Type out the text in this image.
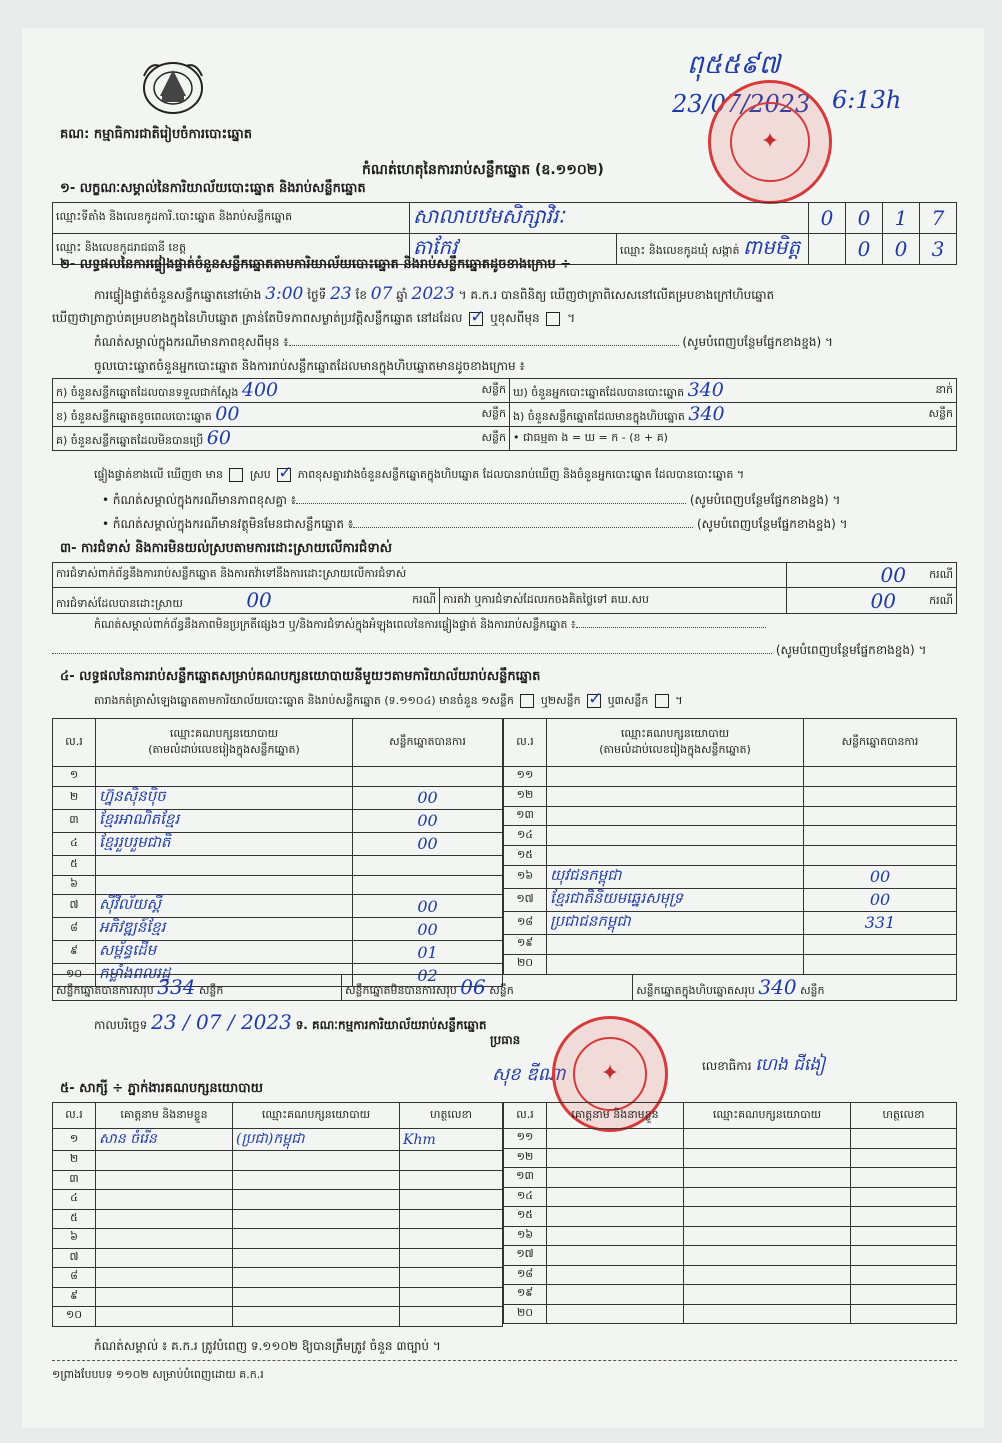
គណ: កម្មាធិការជាតិរៀបចំការបោះឆ្នោត
ពុ៥៥៩៧
23/07/2023 6:13h
✦
កំណត់ហេតុនៃការរាប់សន្លឹកឆ្នោត (ឧ.១១០២)
១- លក្ខណៈសម្គាល់នៃការិយាល័យបោះឆ្នោត និងរាប់សន្លឹកឆ្នោត
ឈ្មោះទីតាំង និងលេខកូដការិ.បោះឆ្នោត និងរាប់សន្លឹកឆ្នោត	សាលាបឋមសិក្សាវិរៈ		0	0	1	7
ឈ្មោះ និងលេខកូដរាជធានី ខេត្ត	តាកែវ	ឈ្មោះ និងលេខកូដឃុំ សង្កាត់ ពាមមិត្ត		0	0	3
២- លទ្ធផលនៃការផ្ទៀងផ្ទាត់ចំនួនសន្លឹកឆ្នោតតាមការិយាល័យបោះឆ្នោត និងរាប់សន្លឹកឆ្នោតដូចខាងក្រោម ÷
ការផ្ទៀងផ្ទាត់ចំនួនសន្លឹកឆ្នោតនៅម៉ោង 3:00 ថ្ងៃទី 23 ខែ 07 ឆ្នាំ 2023 ។ គ.ក.រ បានពិនិត្យ ឃើញថាត្រាពិសេសនៅលើគម្របខាងក្រៅហិបឆ្នោត
ឃើញថាត្រាភ្ជាប់គម្របខាងក្នុងនៃហិបឆ្នោត គ្រាន់តែបិទភាពសម្ងាត់ប្រវត្តិសន្លឹកឆ្នោត នៅដដែល ✓ ឬខុសពីមុន  ។
កំណត់សម្គាល់ក្នុងករណីមានភាពខុសពីមុន ៖	(សូមបំពេញបន្ថែមផ្នែកខាងខ្នង) ។
ចូលបោះឆ្នោតចំនួនអ្នកបោះឆ្នោត និងការរាប់សន្លឹកឆ្នោតដែលមានក្នុងហិបឆ្នោតមានដូចខាងក្រោម ៖
ក) ចំនួនសន្លឹកឆ្នោតដែលបានទទួលជាក់ស្តែង 400 សន្លឹក	ឃ) ចំនួនអ្នកបោះឆ្នោតដែលបានបោះឆ្នោត 340 នាក់

ខ) ចំនួនសន្លឹកឆ្នោតខូចពេលបោះឆ្នោត 00 សន្លឹក	ង) ចំនួនសន្លឹកឆ្នោតដែលមានក្នុងហិបឆ្នោត 340 សន្លឹក

គ) ចំនួនសន្លឹកឆ្នោតដែលមិនបានប្រើ 60 សន្លឹក	• ជាធម្មតា ង = ឃ = ក - (ខ + គ)
ផ្ទៀងផ្ទាត់ខាងលើ ឃើញថា មាន ស្រប ✓ ភាពខុសគ្នារវាងចំនួនសន្លឹកឆ្នោតក្នុងហិបឆ្នោត ដែលបានរាប់ឃើញ និងចំនួនអ្នកបោះឆ្នោត ដែលបានបោះឆ្នោត ។
• កំណត់សម្គាល់ក្នុងករណីមានភាពខុសគ្នា ៖	(សូមបំពេញបន្ថែមផ្នែកខាងខ្នង) ។
• កំណត់សម្គាល់ក្នុងករណីមានវត្ថុមិនមែនជាសន្លឹកឆ្នោត ៖	(សូមបំពេញបន្ថែមផ្នែកខាងខ្នង) ។
៣- ការជំទាស់ និងការមិនយល់ស្របតាមការដោះស្រាយលើការជំទាស់
ការជំទាស់ពាក់ព័ន្ធនឹងការរាប់សន្លឹកឆ្នោត និងការតវ៉ាទៅនឹងការដោះស្រាយលើការជំទាស់		00 ករណី

ការជំទាស់ដែលបានដោះស្រាយ 00 ករណី	ការតវ៉ា ឬការជំទាស់ដែលរកចងគិតថ្លៃទៅ គឃ.សប	00 ករណី
កំណត់សម្គាល់ពាក់ព័ន្ធនឹងភាពមិនប្រក្រតីផ្សេងៗ ឬ/និងការជំទាស់ក្នុងអំឡុងពេលនៃការផ្ទៀងផ្ទាត់ និងការរាប់សន្លឹកឆ្នោត ៖
(សូមបំពេញបន្ថែមផ្នែកខាងខ្នង) ។
៤- លទ្ធផលនៃការរាប់សន្លឹកឆ្នោតសម្រាប់គណបក្សនយោបាយនីមួយៗតាមការិយាល័យរាប់សន្លឹកឆ្នោត
តារាងកត់ត្រាសំឡេងឆ្នោតតាមការិយាល័យបោះឆ្នោត និងរាប់សន្លឹកឆ្នោត (ទ.១១០៤) មានចំនួន ១សន្លឹក ឬ២សន្លឹក ✓ ឬ៣សន្លឹក  ។
ល.រ	ឈ្មោះគណបក្សនយោបាយ
(តាមលំដាប់លេខរៀងក្នុងសន្លឹកឆ្នោត)	សន្លឹកឆ្នោតបានការ
១		
២	ហ្វ៊ុនស៊ិនប៉ិច	00
៣	ខ្មែរអាណិតខ្មែរ	00
៤	ខ្មែររួបរួមជាតិ	00
៥		
៦		
៧	ស៊ីវីល័យស្តី	00
៨	អភិវឌ្ឍន៍ខ្មែរ	00
៩	សម្ព័ន្ធដើម	01
១០	កម្លាំងពលរដ្ឋ	02
ល.រ	ឈ្មោះគណបក្សនយោបាយ
(តាមលំដាប់លេខរៀងក្នុងសន្លឹកឆ្នោត)	សន្លឹកឆ្នោតបានការ
១១		
១២		
១៣		
១៤		
១៥		
១៦	យុវជនកម្ពុជា	00
១៧	ខ្មែរជាតិនិយមឆ្នេរសមុទ្រ	00
១៨	ប្រជាជនកម្ពុជា	331
១៩		
២០		
សន្លឹកឆ្នោតបានការសរុប 334 សន្លឹក	សន្លឹកឆ្នោតមិនបានការសរុប 06 សន្លឹក	សន្លឹកឆ្នោតក្នុងហិបឆ្នោតសរុប 340 សន្លឹក
កាលបរិច្ឆេទ 23 / 07 / 2023 ទ. គណៈកម្មការការិយាល័យរាប់សន្លឹកឆ្នោត
ប្រធាន
សុខ ឌីណា	✦	លេខាធិការ ហេង ជីងៀ
៥- សាក្សី ÷ ភ្នាក់ងារគណបក្សនយោបាយ
ល.រ	គោត្តនាម និងនាមខ្លួន	ឈ្មោះគណបក្សនយោបាយ	ហត្ថលេខា
១	សាន ចំរើន	(ប្រជា)កម្ពុជា	Khm
២			
៣			
៤			
៥			
៦			
៧			
៨			
៩			
១០			
ល.រ	គោត្តនាម និងនាមខ្លួន	ឈ្មោះគណបក្សនយោបាយ	ហត្ថលេខា
១១			
១២			
១៣			
១៤			
១៥			
១៦			
១៧			
១៨			
១៩			
២០			
កំណត់សម្គាល់ ៖ គ.ក.រ ត្រូវបំពេញ ទ.១១០២ ឱ្យបានត្រឹមត្រូវ ចំនួន ៣ច្បាប់ ។
១ព្រាងបែបបទ ១១០២ សម្រាប់បំពេញដោយ គ.ក.រ
